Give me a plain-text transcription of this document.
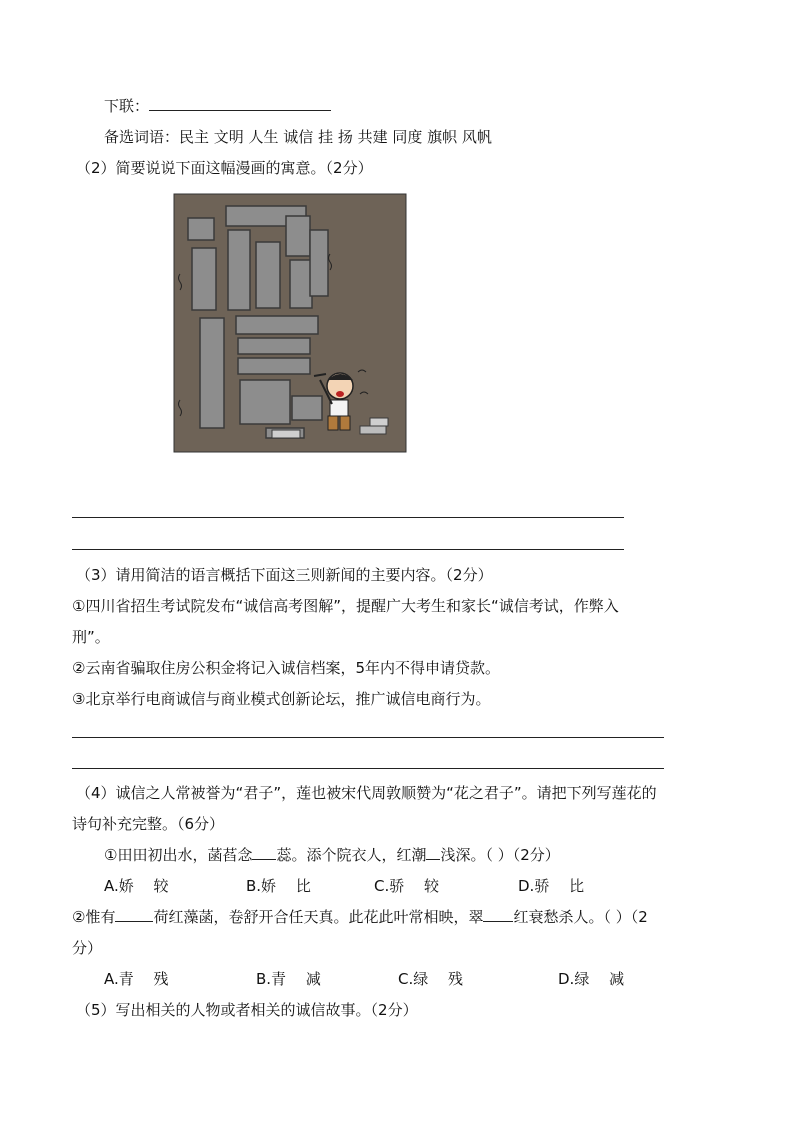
下联：
备选词语：民主 文明 人生 诚信 挂 扬 共建 同度 旗帜 风帆
（2）简要说说下面这幅漫画的寓意。（2分）
（3）请用简洁的语言概括下面这三则新闻的主要内容。（2分）
①四川省招生考试院发布“诚信高考图解”，提醒广大考生和家长“诚信考试，作弊入
刑”。
②云南省骗取住房公积金将记入诚信档案，5年内不得申请贷款。
③北京举行电商诚信与商业模式创新论坛，推广诚信电商行为。
（4）诚信之人常被誉为“君子”，莲也被宋代周敦顺赞为“花之君子”。请把下列写莲花的
诗句补充完整。（6分）
①田田初出水，菡萏念 蕊。添个院衣人，红潮 浅深。（ ）（2分）
A.娇　 较	B.娇　 比	C.骄　 较	D.骄　 比
②惟有	荷红藻菡，卷舒开合任天真。此花此叶常相映，翠 红衰愁杀人。（ ）（2
分）
A.青　 残	B.青　 减	C.绿　 残	D.绿　 减
（5）写出相关的人物或者相关的诚信故事。（2分）
